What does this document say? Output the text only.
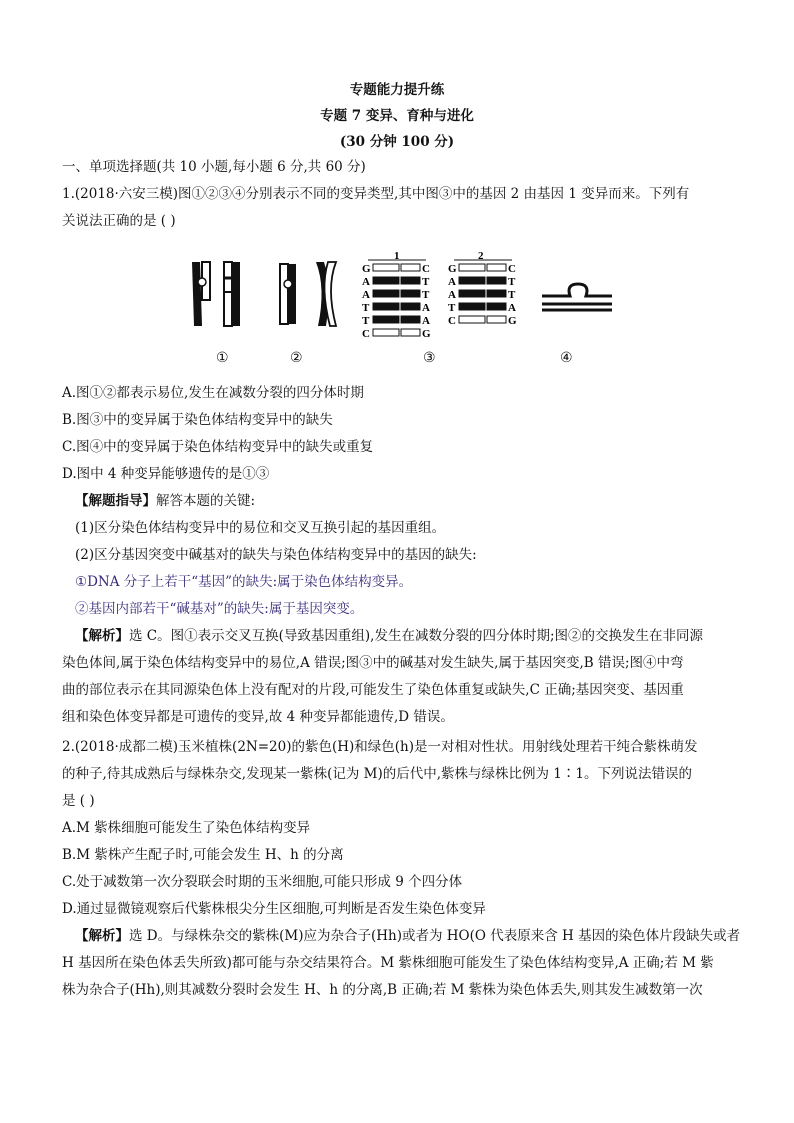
专题能力提升练
专题 7 变异、育种与进化
(30 分钟 100 分)
一、单项选择题(共 10 小题,每小题 6 分,共 60 分)
1.(2018·六安三模)图①②③④分别表示不同的变异类型,其中图③中的基因 2 由基因 1 变异而来。下列有
关说法正确的是 ( )
1	2
G	C
A	T
A	T
T	A
T	A
C	G
G	C
A	T
A	T
T	A
C	G
①	②	③	④
A.图①②都表示易位,发生在减数分裂的四分体时期
B.图③中的变异属于染色体结构变异中的缺失
C.图④中的变异属于染色体结构变异中的缺失或重复
D.图中 4 种变异能够遗传的是①③
【解题指导】解答本题的关键:
(1)区分染色体结构变异中的易位和交叉互换引起的基因重组。
(2)区分基因突变中碱基对的缺失与染色体结构变异中的基因的缺失:
①DNA 分子上若干“基因”的缺失:属于染色体结构变异。
②基因内部若干“碱基对”的缺失:属于基因突变。
【解析】选 C。图①表示交叉互换(导致基因重组),发生在减数分裂的四分体时期;图②的交换发生在非同源
染色体间,属于染色体结构变异中的易位,A 错误;图③中的碱基对发生缺失,属于基因突变,B 错误;图④中弯
曲的部位表示在其同源染色体上没有配对的片段,可能发生了染色体重复或缺失,C 正确;基因突变、基因重
组和染色体变异都是可遗传的变异,故 4 种变异都能遗传,D 错误。
2.(2018·成都二模)玉米植株(2N=20)的紫色(H)和绿色(h)是一对相对性状。用射线处理若干纯合紫株萌发
的种子,待其成熟后与绿株杂交,发现某一紫株(记为 M)的后代中,紫株与绿株比例为 1∶1。下列说法错误的
是 ( )
A.M 紫株细胞可能发生了染色体结构变异
B.M 紫株产生配子时,可能会发生 H、h 的分离
C.处于减数第一次分裂联会时期的玉米细胞,可能只形成 9 个四分体
D.通过显微镜观察后代紫株根尖分生区细胞,可判断是否发生染色体变异
【解析】选 D。与绿株杂交的紫株(M)应为杂合子(Hh)或者为 HO(O 代表原来含 H 基因的染色体片段缺失或者
H 基因所在染色体丢失所致)都可能与杂交结果符合。M 紫株细胞可能发生了染色体结构变异,A 正确;若 M 紫
株为杂合子(Hh),则其减数分裂时会发生 H、h 的分离,B 正确;若 M 紫株为染色体丢失,则其发生减数第一次
